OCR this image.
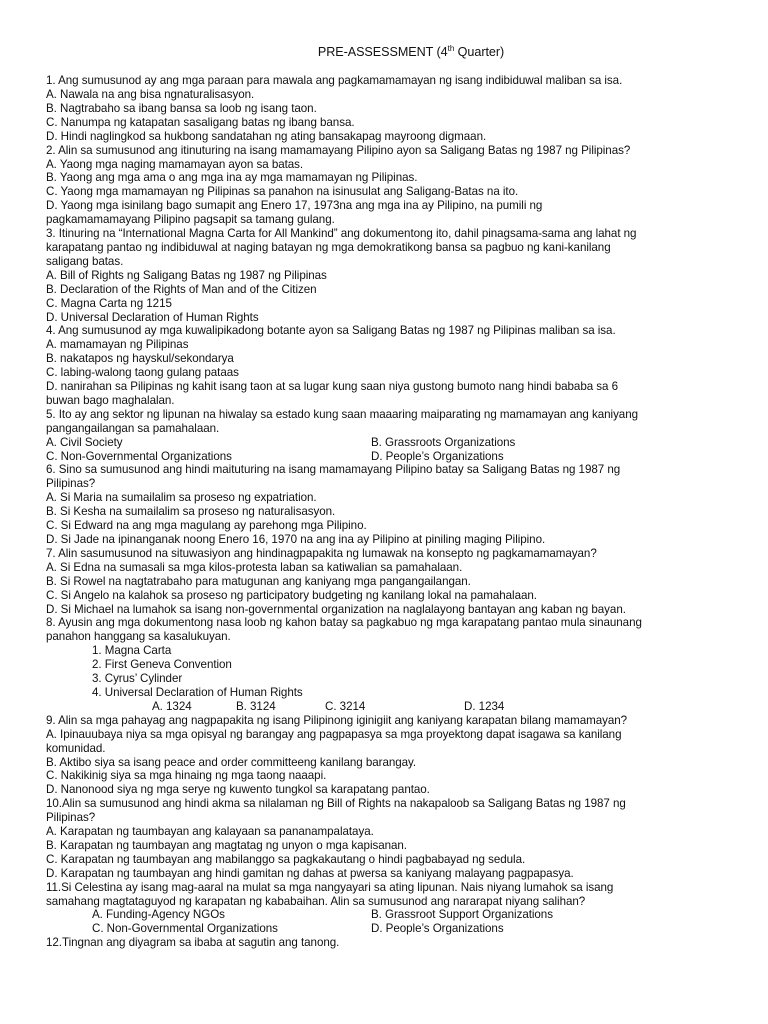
PRE-ASSESSMENT (4th Quarter)
1. Ang sumusunod ay ang mga paraan para mawala ang pagkamamamayan ng isang indibiduwal maliban sa isa.
A. Nawala na ang bisa ngnaturalisasyon.
B. Nagtrabaho sa ibang bansa sa loob ng isang taon.
C. Nanumpa ng katapatan sasaligang batas ng ibang bansa.
D. Hindi naglingkod sa hukbong sandatahan ng ating bansakapag mayroong digmaan.
2. Alin sa sumusunod ang itinuturing na isang mamamayang Pilipino ayon sa Saligang Batas ng 1987 ng Pilipinas?
A. Yaong mga naging mamamayan ayon sa batas.
B. Yaong ang mga ama o ang mga ina ay mga mamamayan ng Pilipinas.
C. Yaong mga mamamayan ng Pilipinas sa panahon na isinusulat ang Saligang-Batas na ito.
D. Yaong mga isinilang bago sumapit ang Enero 17, 1973na ang mga ina ay Pilipino, na pumili ng
pagkamamamayang Pilipino pagsapit sa tamang gulang.
3. Itinuring na “International Magna Carta for All Mankind” ang dokumentong ito, dahil pinagsama-sama ang lahat ng
karapatang pantao ng indibiduwal at naging batayan ng mga demokratikong bansa sa pagbuo ng kani-kanilang
saligang batas.
A. Bill of Rights ng Saligang Batas ng 1987 ng Pilipinas
B. Declaration of the Rights of Man and of the Citizen
C. Magna Carta ng 1215
D. Universal Declaration of Human Rights
4. Ang sumusunod ay mga kuwalipikadong botante ayon sa Saligang Batas ng 1987 ng Pilipinas maliban sa isa.
A. mamamayan ng Pilipinas
B. nakatapos ng hayskul/sekondarya
C. labing-walong taong gulang pataas
D. nanirahan sa Pilipinas ng kahit isang taon at sa lugar kung saan niya gustong bumoto nang hindi bababa sa 6
buwan bago maghalalan.
5. Ito ay ang sektor ng lipunan na hiwalay sa estado kung saan maaaring maiparating ng mamamayan ang kaniyang
pangangailangan sa pamahalaan.
A. Civil Society	B. Grassroots Organizations
C. Non-Governmental Organizations	D. People’s Organizations
6. Sino sa sumusunod ang hindi maituturing na isang mamamayang Pilipino batay sa Saligang Batas ng 1987 ng
Pilipinas?
A. Si Maria na sumailalim sa proseso ng expatriation.
B. Si Kesha na sumailalim sa proseso ng naturalisasyon.
C. Si Edward na ang mga magulang ay parehong mga Pilipino.
D. Si Jade na ipinanganak noong Enero 16, 1970 na ang ina ay Pilipino at piniling maging Pilipino.
7. Alin sasumusunod na situwasiyon ang hindinagpapakita ng lumawak na konsepto ng pagkamamamayan?
A. Si Edna na sumasali sa mga kilos-protesta laban sa katiwalian sa pamahalaan.
B. Si Rowel na nagtatrabaho para matugunan ang kaniyang mga pangangailangan.
C. Si Angelo na kalahok sa proseso ng participatory budgeting ng kanilang lokal na pamahalaan.
D. Si Michael na lumahok sa isang non-governmental organization na naglalayong bantayan ang kaban ng bayan.
8. Ayusin ang mga dokumentong nasa loob ng kahon batay sa pagkabuo ng mga karapatang pantao mula sinaunang
panahon hanggang sa kasalukuyan.
1. Magna Carta
2. First Geneva Convention
3. Cyrus’ Cylinder
4. Universal Declaration of Human Rights
A. 1324	B. 3124	C. 3214	D. 1234
9. Alin sa mga pahayag ang nagpapakita ng isang Pilipinong iginigiit ang kaniyang karapatan bilang mamamayan?
A. Ipinauubaya niya sa mga opisyal ng barangay ang pagpapasya sa mga proyektong dapat isagawa sa kanilang
komunidad.
B. Aktibo siya sa isang peace and order committeeng kanilang barangay.
C. Nakikinig siya sa mga hinaing ng mga taong naaapi.
D. Nanonood siya ng mga serye ng kuwento tungkol sa karapatang pantao.
10.Alin sa sumusunod ang hindi akma sa nilalaman ng Bill of Rights na nakapaloob sa Saligang Batas ng 1987 ng
Pilipinas?
A. Karapatan ng taumbayan ang kalayaan sa pananampalataya.
B. Karapatan ng taumbayan ang magtatag ng unyon o mga kapisanan.
C. Karapatan ng taumbayan ang mabilanggo sa pagkakautang o hindi pagbabayad ng sedula.
D. Karapatan ng taumbayan ang hindi gamitan ng dahas at pwersa sa kaniyang malayang pagpapasya.
11.Si Celestina ay isang mag-aaral na mulat sa mga nangyayari sa ating lipunan. Nais niyang lumahok sa isang
samahang magtataguyod ng karapatan ng kababaihan. Alin sa sumusunod ang nararapat niyang salihan?
A. Funding-Agency NGOs	B. Grassroot Support Organizations
C. Non-Governmental Organizations	D. People’s Organizations
12.Tingnan ang diyagram sa ibaba at sagutin ang tanong.
